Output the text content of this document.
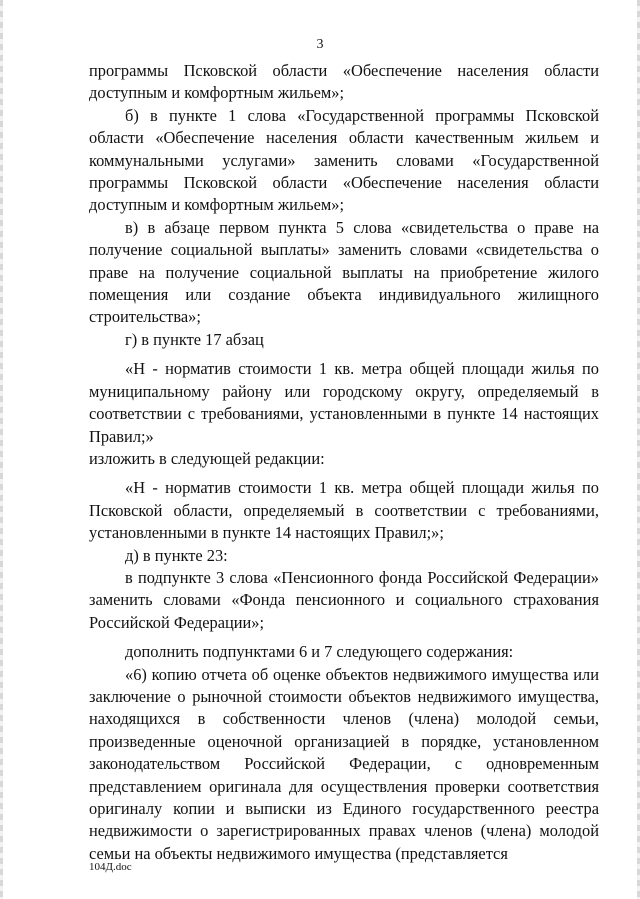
3

программы Псковской области «Обеспечение населения области доступным и комфортным жильем»;

б) в пункте 1 слова «Государственной программы Псковской области «Обеспечение населения области качественным жильем и коммунальными услугами» заменить словами «Государственной программы Псковской области «Обеспечение населения области доступным и комфортным жильем»;

в) в абзаце первом пункта 5 слова «свидетельства о праве на получение социальной выплаты» заменить словами «свидетельства о праве на получение социальной выплаты на приобретение жилого помещения или создание объекта индивидуального жилищного строительства»;

г) в пункте 17 абзац

«Н - норматив стоимости 1 кв. метра общей площади жилья по муниципальному району или городскому округу, определяемый в соответствии с требованиями, установленными в пункте 14 настоящих Правил;»

изложить в следующей редакции:

«Н - норматив стоимости 1 кв. метра общей площади жилья по Псковской области, определяемый в соответствии с требованиями, установленными в пункте 14 настоящих Правил;»;

д) в пункте 23:

в подпункте 3 слова «Пенсионного фонда Российской Федерации» заменить словами «Фонда пенсионного и социального страхования Российской Федерации»;

дополнить подпунктами 6 и 7 следующего содержания:

«6) копию отчета об оценке объектов недвижимого имущества или заключение о рыночной стоимости объектов недвижимого имущества, находящихся в собственности членов (члена) молодой семьи, произведенные оценочной организацией в порядке, установленном законодательством Российской Федерации, с одновременным представлением оригинала для осуществления проверки соответствия оригиналу копии и выписки из Единого государственного реестра недвижимости о зарегистрированных правах членов (члена) молодой семьи на объекты недвижимого имущества (представляется

104Д.doc
